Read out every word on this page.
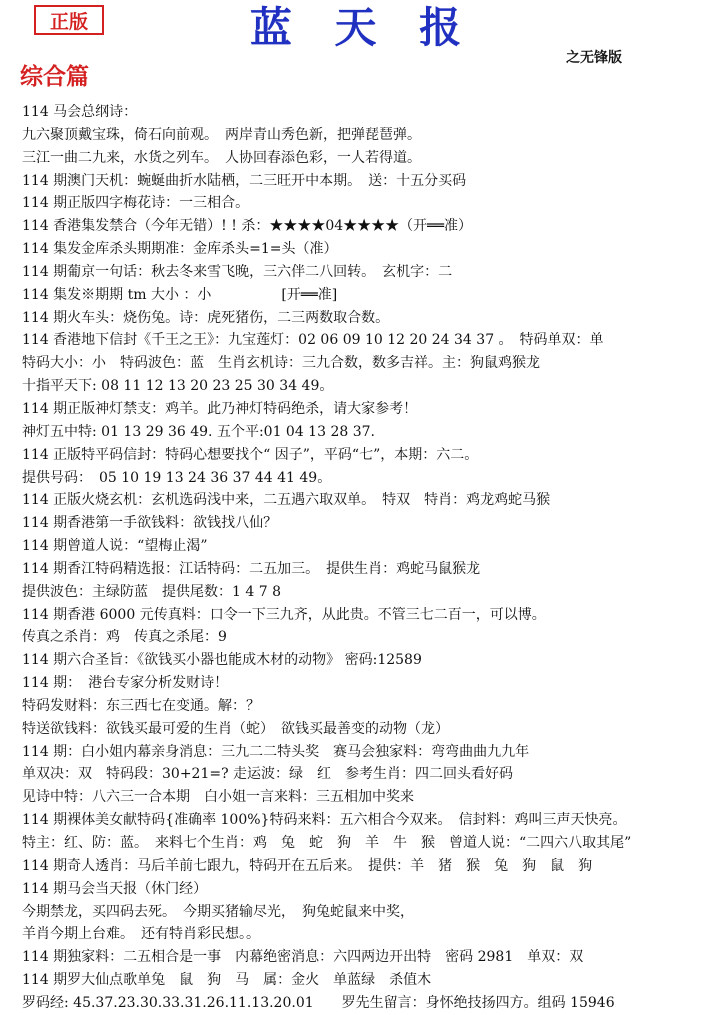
正版	蓝 天 报
之无锋版
综合篇
114 马会总纲诗：
九六聚顶戴宝珠，倚石向前观。　两岸青山秀色新，把弹琵琶弹。
三江一曲二九来，水货之列车。　人协回春添色彩，一人若得道。
114 期澳门天机：蜿蜒曲折水陆栖，二三旺开中本期。　送：十五分买码
114 期正版四字梅花诗：一三相合。
114 香港集发禁合（今年无错）! ! 杀：★★★★04★★★★（开══准）
114 集发金库杀头期期准：金库杀头=1=头（准）
114 期葡京一句话：秋去冬来雪飞晚，三六伴二八回转。　玄机字：二
114 集发※期期 tm 大小 ：小　　　　　[开══准]
114 期火车头：烧伤兔。诗：虎死猪伤，二三两数取合数。
114 香港地下信封《千王之王》：九宝莲灯：02 06 09 10 12 20 24 34 37 。　特码单双：单
特码大小：小　特码波色：蓝　生肖玄机诗：三九合数，数多吉祥。主：狗鼠鸡猴龙
十指平天下: 08 11 12 13 20 23 25 30 34 49。
114 期正版神灯禁支：鸡羊。此乃神灯特码绝杀，请大家参考！
神灯五中特: 01 13 29 36 49. 五个平:01 04 13 28 37.
114 正版特平码信封：特码心想要找个“ 因子”，平码“七”，本期：六二。
提供号码：　05 10 19 13 24 36 37 44 41 49。
114 正版火烧玄机：玄机选码浅中来，二五遇六取双单。　特双　特肖：鸡龙鸡蛇马猴
114 期香港第一手欲钱料：欲钱找八仙？
114 期曾道人说：“望梅止渴”
114 期香江特码精选报：江话特码：二五加三。　提供生肖：鸡蛇马鼠猴龙
提供波色：主绿防蓝　提供尾数：1 4 7 8
114 期香港 6000 元传真料：口令一下三九齐，从此贵。不管三七二百一，可以博。
传真之杀肖：鸡　传真之杀尾：9
114 期六合圣旨：《欲钱买小器也能成木材的动物》 密码:12589
114 期：　港台专家分析发财诗！
特码发财料：东三西七在变通。解：？
特送欲钱料：欲钱买最可爱的生肖（蛇）　欲钱买最善变的动物（龙）
114 期：白小姐内幕亲身消息：三九二二特头奖　赛马会独家料：弯弯曲曲九九年
单双决：双　特码段：30+21=? 走运波：绿　红　参考生肖：四二回头看好码
见诗中特：八六三一合本期　白小姐一言来料：三五相加中奖来
114 期裸体美女献特码{准确率 100%}特码来料：五六相合今双来。　信封料：鸡叫三声天快亮。
特主：红、防：蓝。　来料七个生肖：鸡　兔　蛇　狗　羊　牛　猴　曾道人说：“二四六八取其尾”
114 期奇人透肖：马后羊前七跟九，特码开在五后来。　提供：羊　猪　猴　兔　狗　鼠　狗
114 期马会当天报（休门经）
今期禁龙，买四码去死。　今期买猪输尽光，　狗兔蛇鼠来中奖，
羊肖今期上台难。　还有特肖彩民想。。
114 期独家料：二五相合是一事　内幕绝密消息：六四两边开出特　密码 2981　单双：双
114 期罗大仙点歌单兔　鼠　狗　马　属：金火　单蓝绿　杀值木
罗码经: 45.37.23.30.33.31.26.11.13.20.01　　罗先生留言：身怀绝技扬四方。组码 15946
